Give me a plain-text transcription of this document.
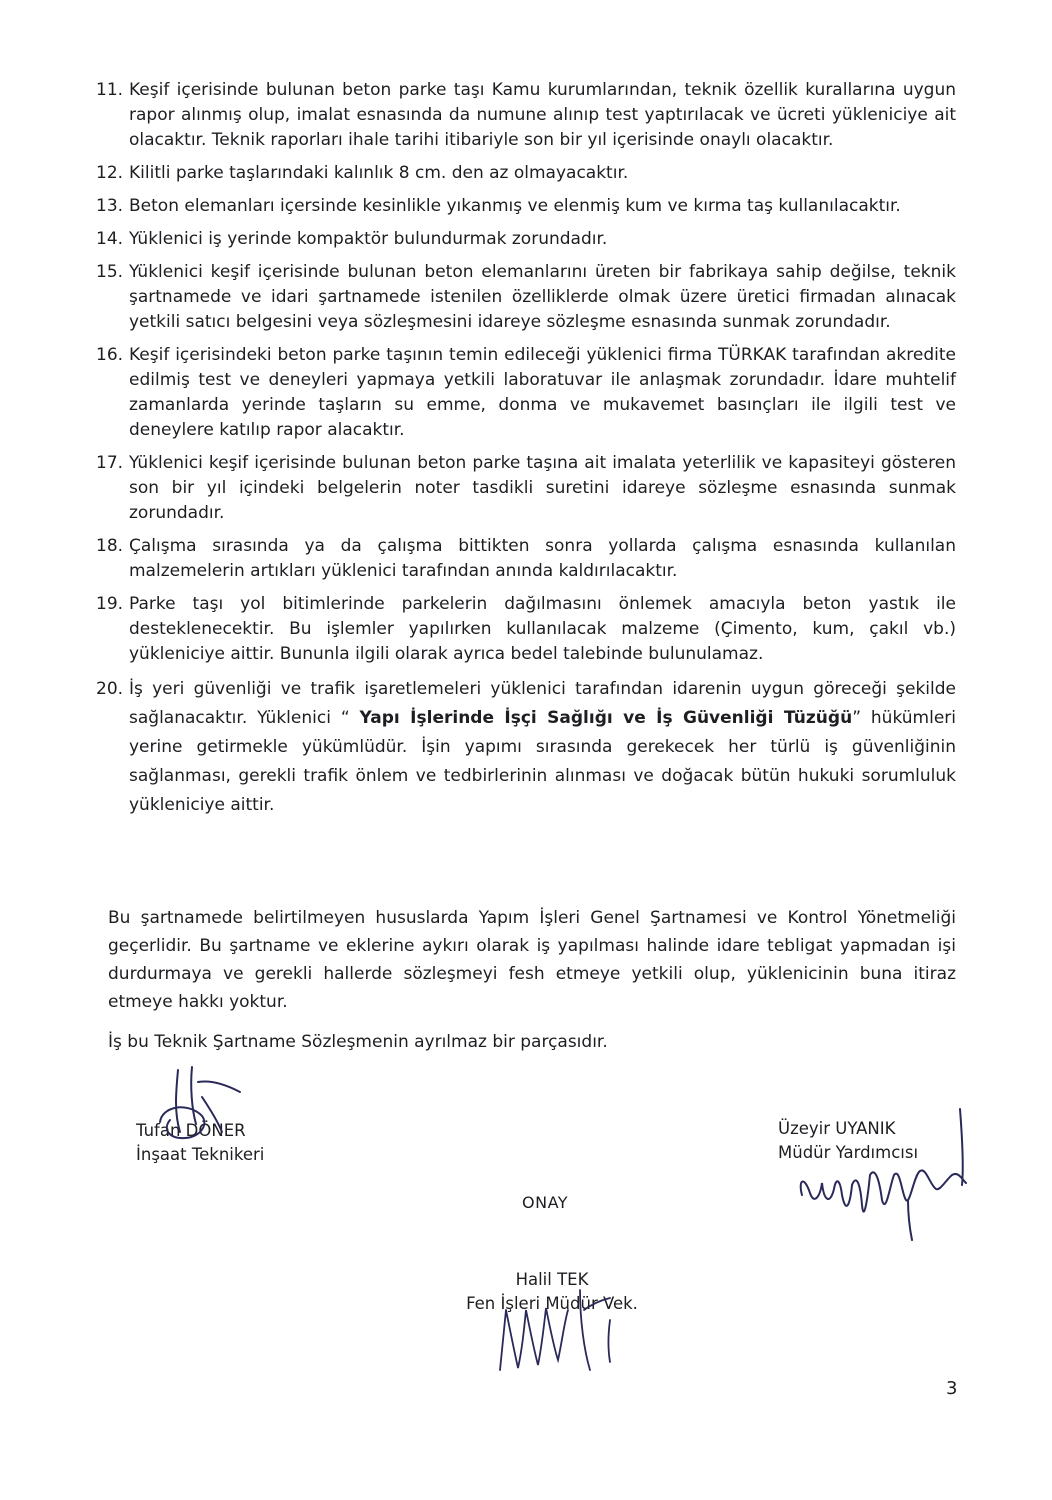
11. Keşif içerisinde bulunan beton parke taşı Kamu kurumlarından, teknik özellik kurallarına uygun rapor alınmış olup, imalat esnasında da numune alınıp test yaptırılacak ve ücreti yükleniciye ait olacaktır. Teknik raporları ihale tarihi itibariyle son bir yıl içerisinde onaylı olacaktır.
12. Kilitli parke taşlarındaki kalınlık 8 cm. den az olmayacaktır.
13. Beton elemanları içersinde kesinlikle yıkanmış ve elenmiş kum ve kırma taş kullanılacaktır.
14. Yüklenici iş yerinde kompaktör bulundurmak zorundadır.
15. Yüklenici keşif içerisinde bulunan beton elemanlarını üreten bir fabrikaya sahip değilse, teknik şartnamede ve idari şartnamede istenilen özelliklerde olmak üzere üretici firmadan alınacak yetkili satıcı belgesini veya sözleşmesini idareye sözleşme esnasında sunmak zorundadır.
16. Keşif içerisindeki beton parke taşının temin edileceği yüklenici firma TÜRKAK tarafından akredite edilmiş test ve deneyleri yapmaya yetkili laboratuvar ile anlaşmak zorundadır. İdare muhtelif zamanlarda yerinde taşların su emme, donma ve mukavemet basınçları ile ilgili test ve deneylere katılıp rapor alacaktır.
17. Yüklenici keşif içerisinde bulunan beton parke taşına ait imalata yeterlilik ve kapasiteyi gösteren son bir yıl içindeki belgelerin noter tasdikli suretini idareye sözleşme esnasında sunmak zorundadır.
18. Çalışma sırasında ya da çalışma bittikten sonra yollarda çalışma esnasında kullanılan malzemelerin artıkları yüklenici tarafından anında kaldırılacaktır.
19. Parke taşı yol bitimlerinde parkelerin dağılmasını önlemek amacıyla beton yastık ile desteklenecektir. Bu işlemler yapılırken kullanılacak malzeme (Çimento, kum, çakıl vb.) yükleniciye aittir. Bununla ilgili olarak ayrıca bedel talebinde bulunulamaz.
20. İş yeri güvenliği ve trafik işaretlemeleri yüklenici tarafından idarenin uygun göreceği şekilde sağlanacaktır. Yüklenici “ Yapı İşlerinde İşçi Sağlığı ve İş Güvenliği Tüzüğü” hükümleri yerine getirmekle yükümlüdür. İşin yapımı sırasında gerekecek her türlü iş güvenliğinin sağlanması, gerekli trafik önlem ve tedbirlerinin alınması ve doğacak bütün hukuki sorumluluk yükleniciye aittir.

Bu şartnamede belirtilmeyen hususlarda Yapım İşleri Genel Şartnamesi ve Kontrol Yönetmeliği geçerlidir. Bu şartname ve eklerine aykırı olarak iş yapılması halinde idare tebligat yapmadan işi durdurmaya ve gerekli hallerde sözleşmeyi fesh etmeye yetkili olup, yüklenicinin buna itiraz etmeye hakkı yoktur.

İş bu Teknik Şartname Sözleşmenin ayrılmaz bir parçasıdır.

Tufan DÖNER
İnşaat Teknikeri
Üzeyir UYANIK
Müdür Yardımcısı
ONAY
Halil TEK
Fen İşleri Müdür Vek.
3
